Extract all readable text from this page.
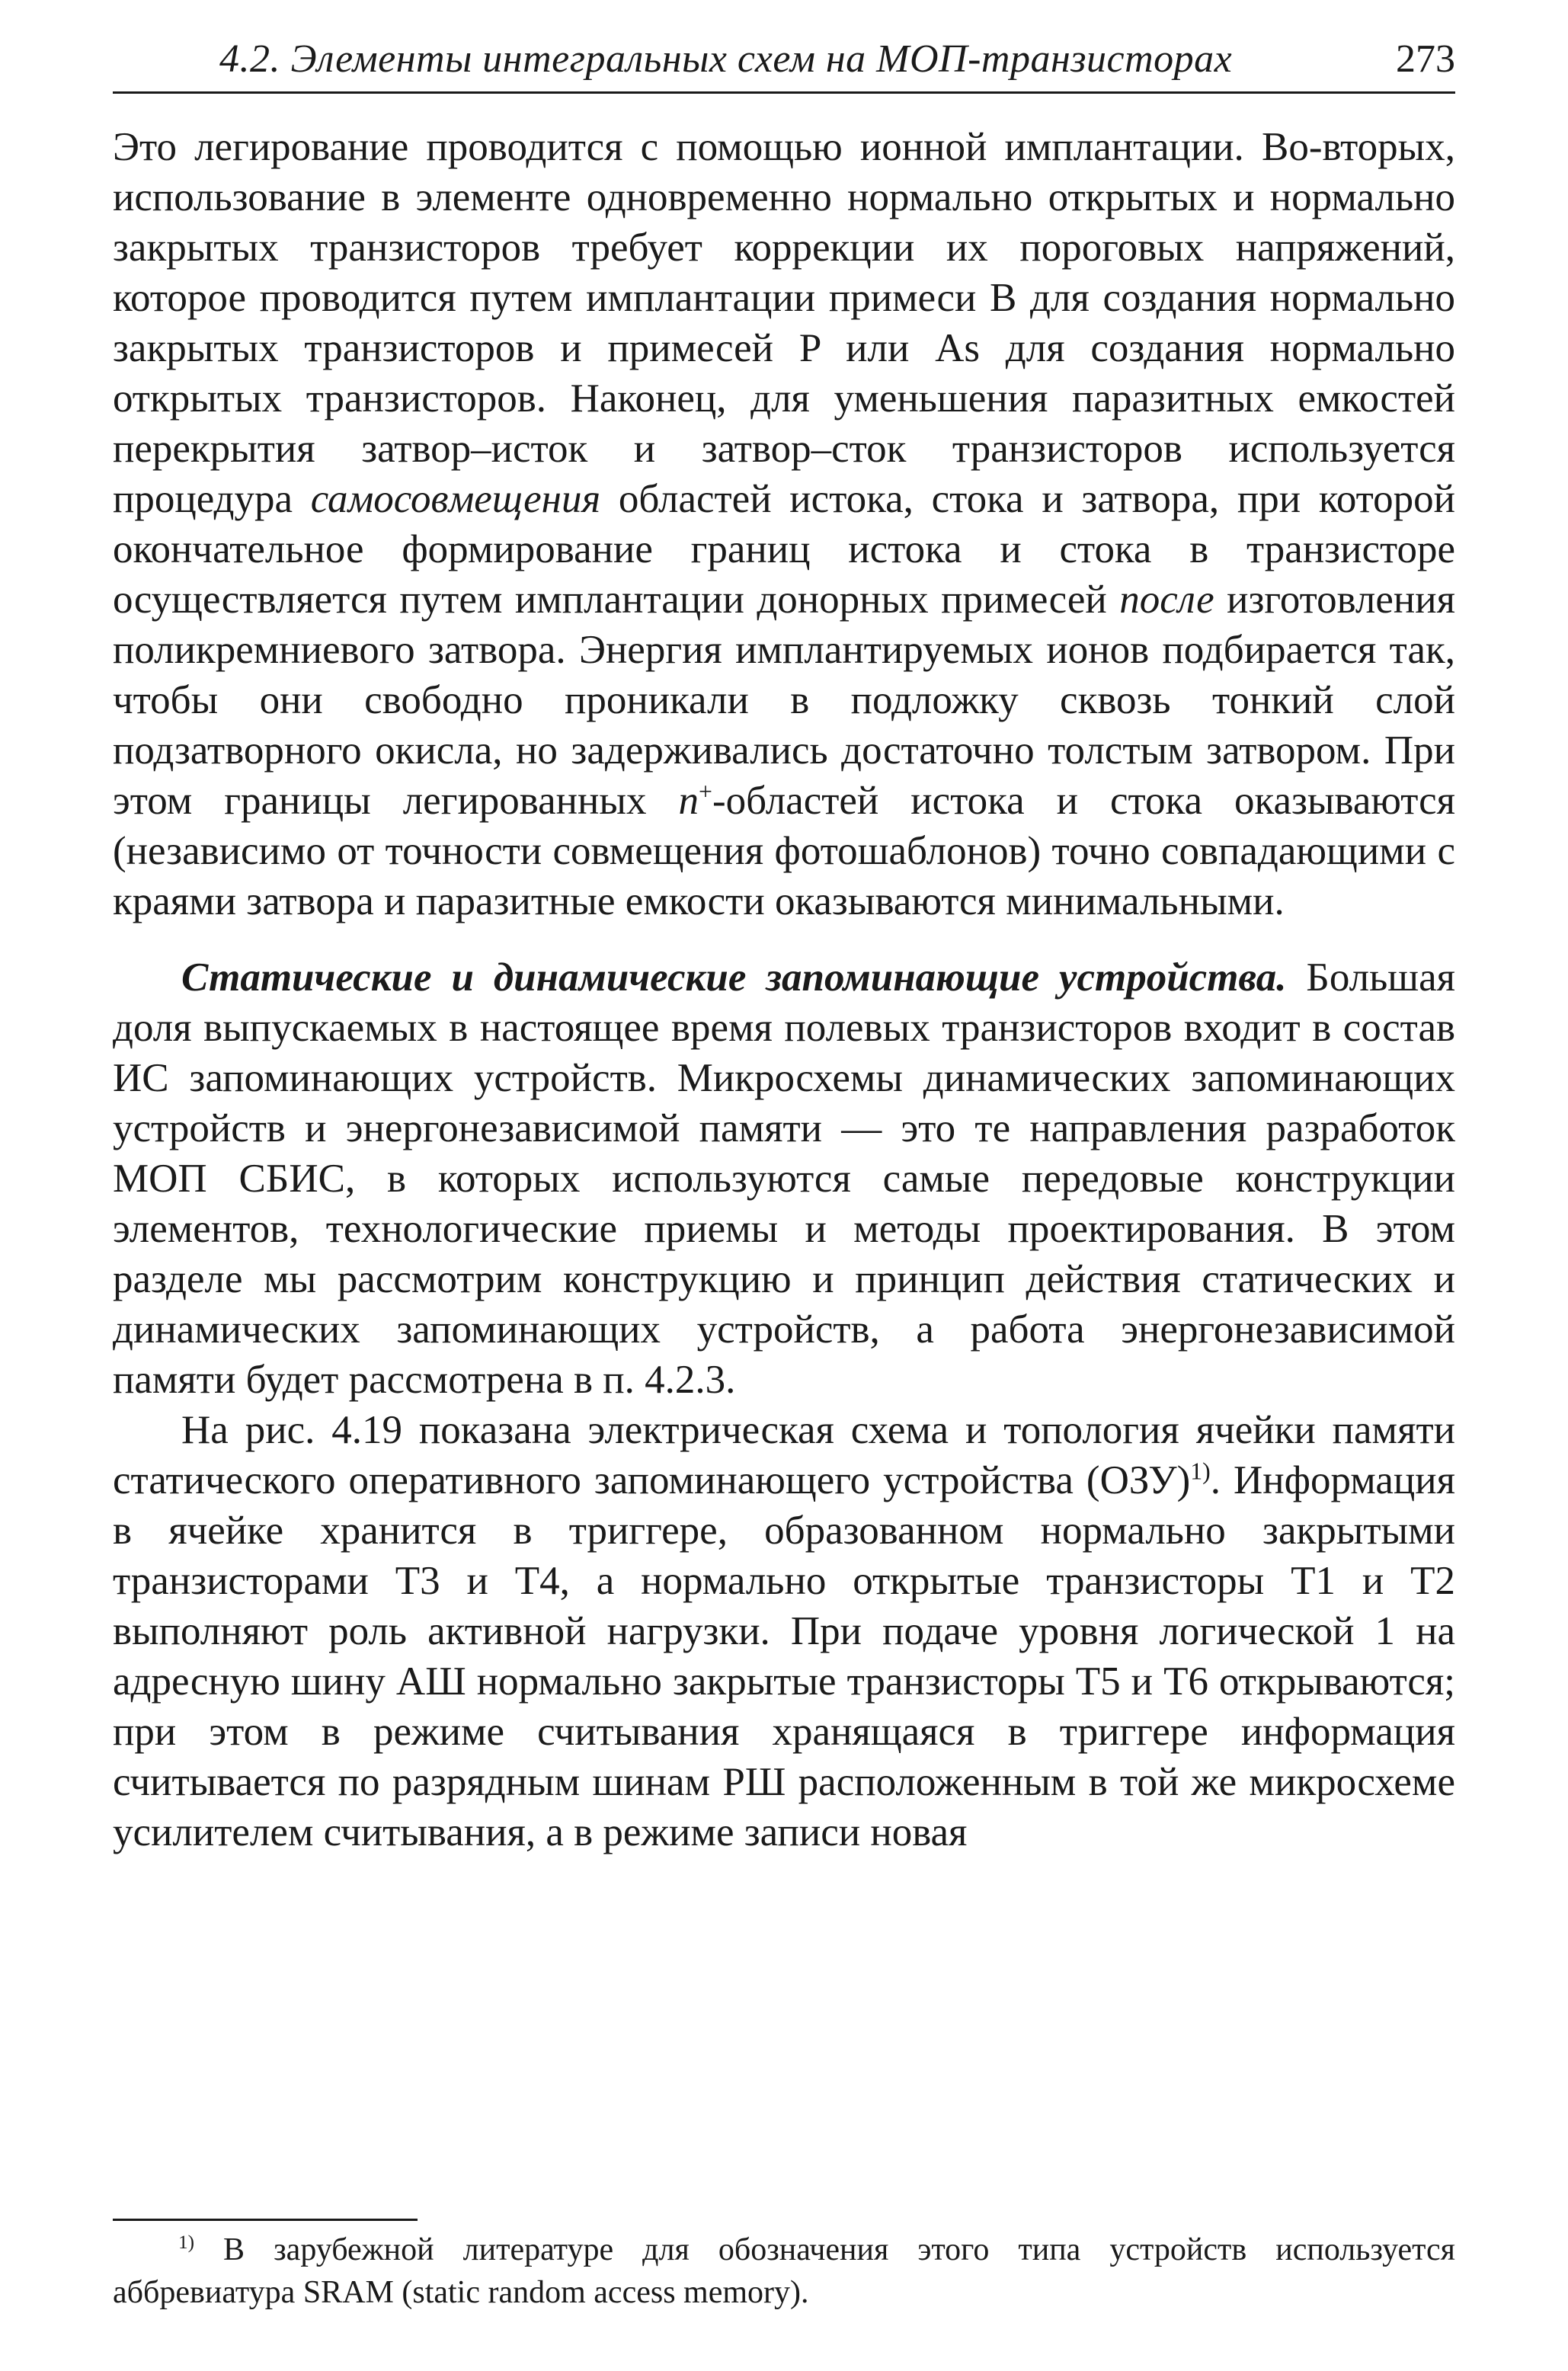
4.2. Элементы интегральных схем на МОП-транзисторах	273

Это легирование проводится с помощью ионной имплантации. Во-вторых, использование в элементе одновременно нормально открытых и нормально закрытых транзисторов требует коррекции их пороговых напряжений, которое проводится путем имплантации примеси B для создания нормально закрытых транзисторов и примесей P или As для создания нормально открытых транзисторов. Наконец, для уменьшения паразитных емкостей перекрытия затвор–исток и затвор–сток транзисторов используется процедура самосовмещения областей истока, стока и затвора, при которой окончательное формирование границ истока и стока в транзисторе осуществляется путем имплантации донорных примесей после изготовления поликремниевого затвора. Энергия имплантируемых ионов подбирается так, чтобы они свободно проникали в подложку сквозь тонкий слой подзатворного окисла, но задерживались достаточно толстым затвором. При этом границы легированных n+-областей истока и стока оказываются (независимо от точности совмещения фотошаблонов) точно совпадающими с краями затвора и паразитные емкости оказываются минимальными.

Статические и динамические запоминающие устройства. Большая доля выпускаемых в настоящее время полевых транзисторов входит в состав ИС запоминающих устройств. Микросхемы динамических запоминающих устройств и энергонезависимой памяти — это те направления разработок МОП СБИС, в которых используются самые передовые конструкции элементов, технологические приемы и методы проектирования. В этом разделе мы рассмотрим конструкцию и принцип действия статических и динамических запоминающих устройств, а работа энергонезависимой памяти будет рассмотрена в п. 4.2.3.

На рис. 4.19 показана электрическая схема и топология ячейки памяти статического оперативного запоминающего устройства (ОЗУ)$^{1)}$. Информация в ячейке хранится в триггере, образованном нормально закрытыми транзисторами T3 и T4, а нормально открытые транзисторы T1 и T2 выполняют роль активной нагрузки. При подаче уровня логической 1 на адресную шину АШ нормально закрытые транзисторы T5 и T6 открываются; при этом в режиме считывания хранящаяся в триггере информация считывается по разрядным шинам РШ расположенным в той же микросхеме усилителем считывания, а в режиме записи новая

$^{1)}$ В зарубежной литературе для обозначения этого типа устройств используется аббревиатура SRAM (static random access memory).
